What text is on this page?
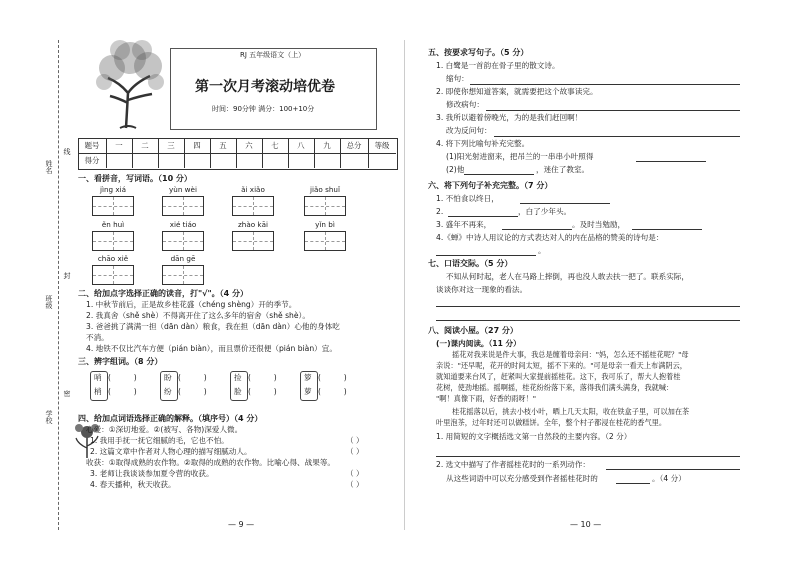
姓名
线
班级
封
学校
密
RJ 五年级语文（上）
第一次月考滚动培优卷
时间：90分钟 满分：100+10分
题号	一	二	三	四	五	六	七	八	九	总分	等级
得分
一、看拼音，写词语。（10 分）
jìng xiá	yùn wèi	ǎi xiǎo	jiǎo shuǐ
ěn huì	xié tiáo	zhào kāi	yǐn bì
chāo xiě	dān gē
二、给加点字选择正确的读音，打"√"。（4 分）
1. 中秋节前后，正是故乡桂花盛（chéng shèng）开的季节。
2. 我真舍（shě shè）不得离开住了这么多年的宿舍（shě shè）。
3. 爸爸挑了满满一担（dān dàn）粮食，我在担（dān dàn）心他的身体吃
不消。
4. 地铁不仅比汽车方便（pián biàn），而且票价还很便（pián biàn）宜。
三、辨字组词。（8 分）
哨
梢
(　　　)
(　　　)
盼
纷
(　　　)
(　　　)
捡
脸
(　　　)
(　　　)
箩
萝
(　　　)
(　　　)
四、给加点词语选择正确的解释。（填序号）（4 分）
心爱：①深切地爱。②(被写、各物)深爱人微。
1. 我用手抚一抚它细腻的毛，它也不怕。	（ ）
2. 这篇文章中作者对人物心理的描写细腻动人。	（ ）
收获：①取得成熟的农作物。②取得的成熟的农作物。比喻心得、战果等。
3. 老师让我谈谈参加夏令营的收获。	（ ）
4. 春天播种，秋天收获。	（ ）
— 9 —
五、按要求写句子。（5 分）
1. 白鹭是一首韵在骨子里的散文诗。
缩句：
2. 即使你想知道答案，就需要把这个故事读完。
修改病句：
3. 我所以避着傍晚光，为的是我们赶回啊！
改为反问句：
4. 将下列比喻句补充完整。
(1)阳光射进窗来，把吊兰的一串串小叶照得
(2)他	，迷住了教室。
六、将下列句子补充完整。（7 分）
1. 不怕食以终日，
2.	，白了少年头。
3. 盛年不再来，	。及时当勉励，
4.《蝉》中诗人用议论的方式表达对人的内在品格的赞美的诗句是：
。
七、口语交际。（5 分）
不知从何时起，老人在马路上摔倒，再也没人敢去扶一把了。联系实际，
谈谈你对这一现象的看法。
八、阅读小屋。（27 分）
(一)课内阅读。（11 分）
摇花对我来说是件大事，我总是缠着母亲问："妈，怎么还不摇桂花呢？"母
亲说："还早呢，花开的时间太短，摇不下来的。"可是母亲一看天上布满阴云，
就知道要来台风了，赶紧叫大家提前摇桂花。这下，我可乐了，帮大人抱着桂
花树，使劲地摇。摇啊摇，桂花纷纷落下来，落得我们满头满身，我就喊：
"啊！真像下雨，好香的雨呀！"
桂花摇落以后，挑去小枝小叶，晒上几天太阳，收在铁盒子里，可以加在茶
叶里泡茶，过年时还可以做糕饼。全年，整个村子都浸在桂花的香气里。
1. 用简短的文字概括选文第一自然段的主要内容。（2 分）
2. 选文中描写了作者摇桂花时的一系列动作：
从这些词语中可以充分感受到作者摇桂花时的	。（4 分）
— 10 —
